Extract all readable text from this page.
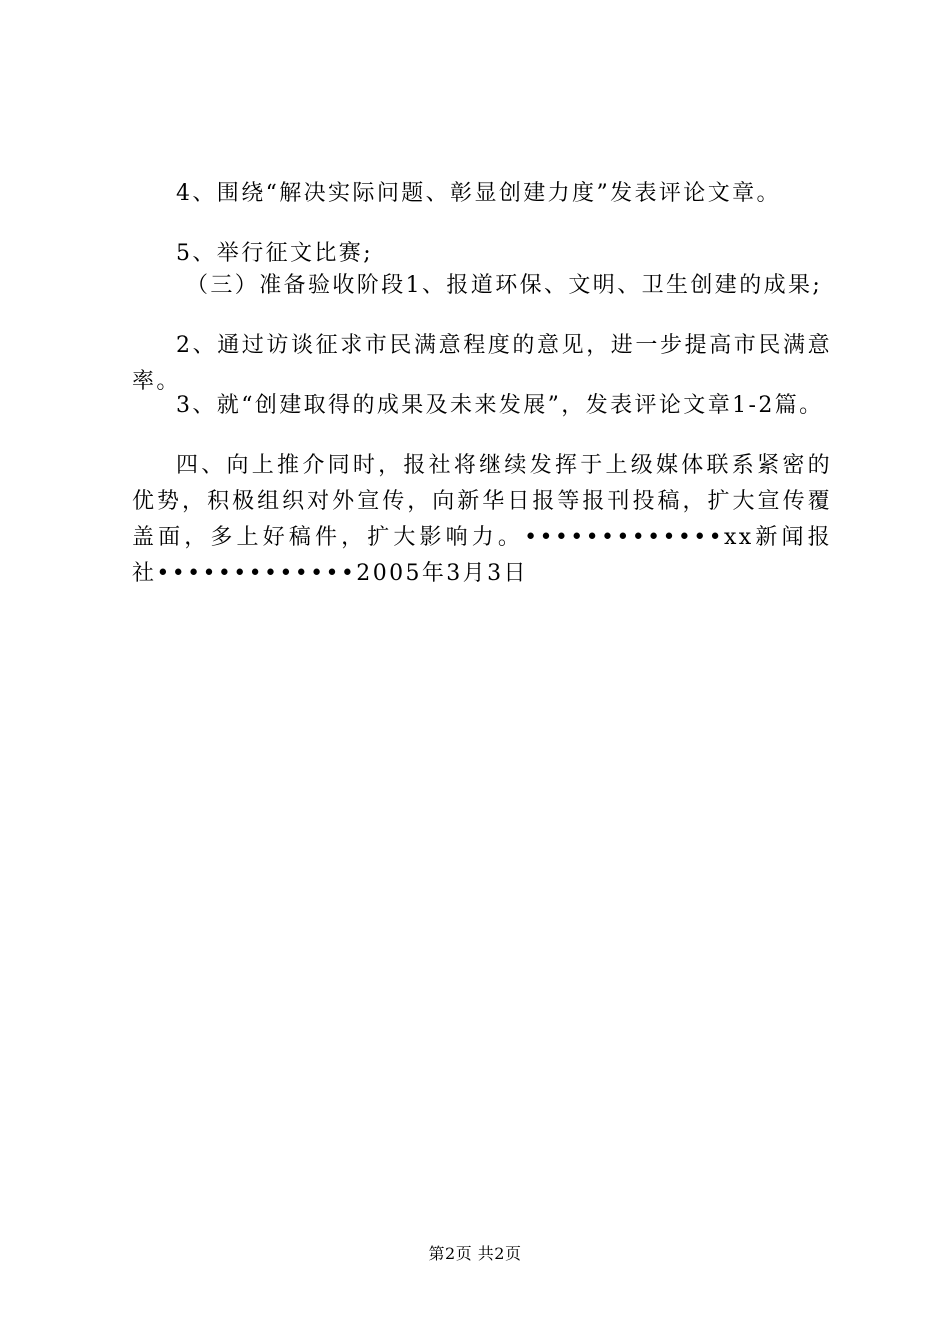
4、围绕“解决实际问题、彰显创建力度”发表评论文章。

5、举行征文比赛;

（三）准备验收阶段1、报道环保、文明、卫生创建的成果;

2、通过访谈征求市民满意程度的意见，进一步提高市民满意率。

3、就“创建取得的成果及未来发展”，发表评论文章1-2篇。

四、向上推介同时，报社将继续发挥于上级媒体联系紧密的优势，积极组织对外宣传，向新华日报等报刊投稿，扩大宣传覆盖面，多上好稿件，扩大影响力。•••••••••••••xx新闻报

社•••••••••••••2005年3月3日

第2页 共2页
